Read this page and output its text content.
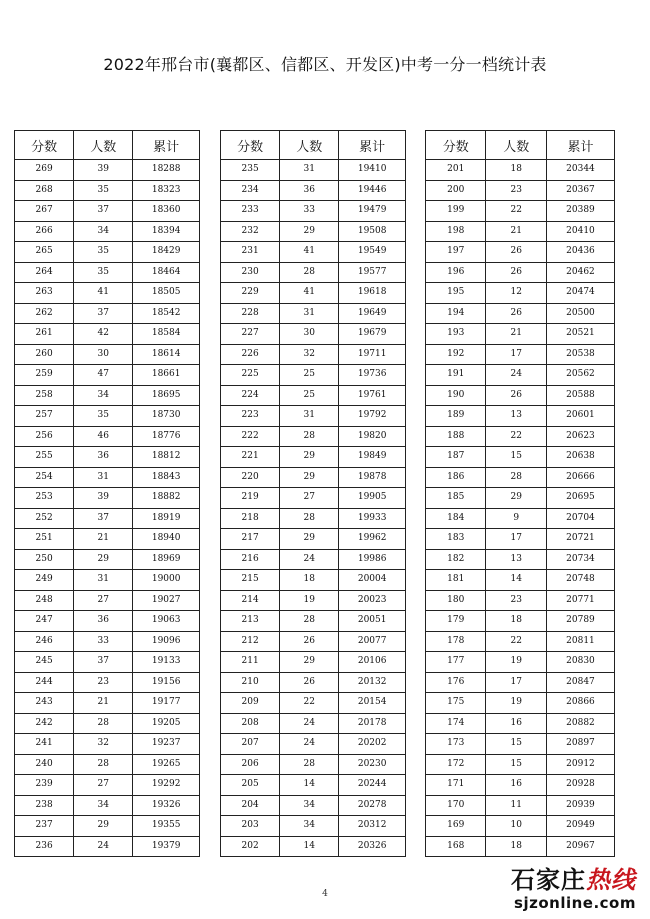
2022年邢台市(襄都区、信都区、开发区)中考一分一档统计表
分数	人数	累计
269	39	18288
268	35	18323
267	37	18360
266	34	18394
265	35	18429
264	35	18464
263	41	18505
262	37	18542
261	42	18584
260	30	18614
259	47	18661
258	34	18695
257	35	18730
256	46	18776
255	36	18812
254	31	18843
253	39	18882
252	37	18919
251	21	18940
250	29	18969
249	31	19000
248	27	19027
247	36	19063
246	33	19096
245	37	19133
244	23	19156
243	21	19177
242	28	19205
241	32	19237
240	28	19265
239	27	19292
238	34	19326
237	29	19355
236	24	19379
分数	人数	累计
235	31	19410
234	36	19446
233	33	19479
232	29	19508
231	41	19549
230	28	19577
229	41	19618
228	31	19649
227	30	19679
226	32	19711
225	25	19736
224	25	19761
223	31	19792
222	28	19820
221	29	19849
220	29	19878
219	27	19905
218	28	19933
217	29	19962
216	24	19986
215	18	20004
214	19	20023
213	28	20051
212	26	20077
211	29	20106
210	26	20132
209	22	20154
208	24	20178
207	24	20202
206	28	20230
205	14	20244
204	34	20278
203	34	20312
202	14	20326
分数	人数	累计
201	18	20344
200	23	20367
199	22	20389
198	21	20410
197	26	20436
196	26	20462
195	12	20474
194	26	20500
193	21	20521
192	17	20538
191	24	20562
190	26	20588
189	13	20601
188	22	20623
187	15	20638
186	28	20666
185	29	20695
184	9	20704
183	17	20721
182	13	20734
181	14	20748
180	23	20771
179	18	20789
178	22	20811
177	19	20830
176	17	20847
175	19	20866
174	16	20882
173	15	20897
172	15	20912
171	16	20928
170	11	20939
169	10	20949
168	18	20967
4	石家庄热线
sjzonline.com
